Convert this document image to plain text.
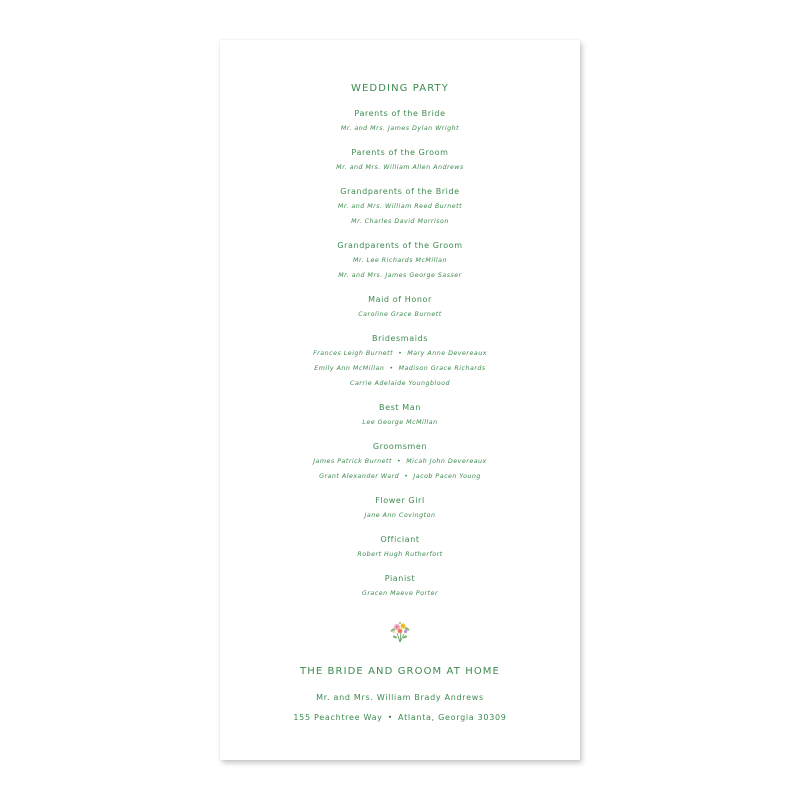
WEDDING PARTY
Parents of the Bride
Mr. and Mrs. James Dylan Wright
Parents of the Groom
Mr. and Mrs. William Allen Andrews
Grandparents of the Bride
Mr. and Mrs. William Reed Burnett
Mr. Charles David Morrison
Grandparents of the Groom
Mr. Lee Richards McMillan
Mr. and Mrs. James George Sasser
Maid of Honor
Caroline Grace Burnett
Bridesmaids
Frances Leigh Burnett • Mary Anne Devereaux
Emily Ann McMillan • Madison Grace Richards
Carrie Adelaide Youngblood
Best Man
Lee George McMillan
Groomsmen
James Patrick Burnett • Micah John Devereaux
Grant Alexander Ward • Jacob Pacen Young
Flower Girl
Jane Ann Covington
Officiant
Robert Hugh Rutherfort
Pianist
Gracen Maeve Porter
THE BRIDE AND GROOM AT HOME
Mr. and Mrs. William Brady Andrews
155 Peachtree Way • Atlanta, Georgia 30309
